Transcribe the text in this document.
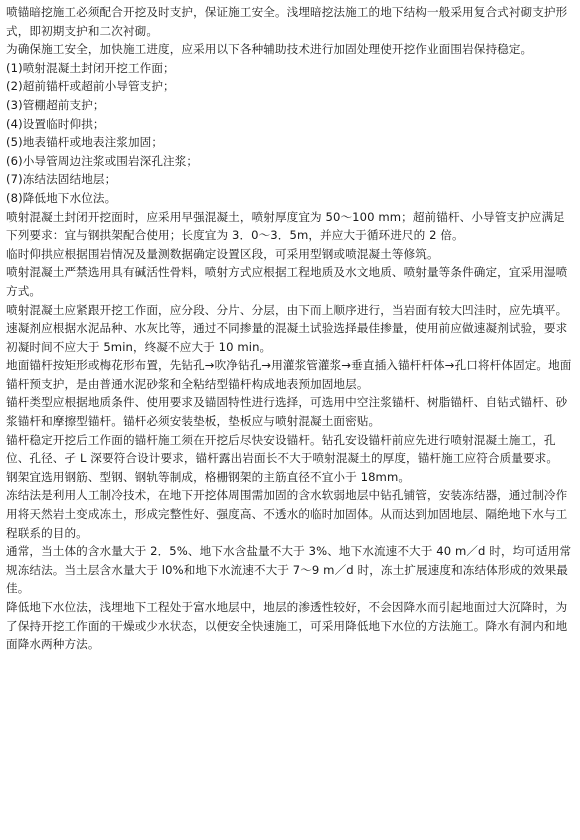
喷锚暗挖施工必须配合开挖及时支护，保证施工安全。浅埋暗挖法施工的地下结构一般采用复合式衬砌支护形式，即初期支护和二次衬砌。

为确保施工安全，加快施工进度，应采用以下各种辅助技术进行加固处理使开挖作业面围岩保持稳定。

(1)喷射混凝土封闭开挖工作面；

(2)超前锚杆或超前小导管支护；

(3)管棚超前支护；

(4)设置临时仰拱；

(5)地表锚杆或地表注浆加固；

(6)小导管周边注浆或围岩深孔注浆；

(7)冻结法固结地层；

(8)降低地下水位法。

喷射混凝土封闭开挖面时，应采用早强混凝土，喷射厚度宜为 50～100 mm；超前锚杆、小导管支护应满足下列要求：宜与钢拱架配合使用；长度宜为 3．0～3．5m，并应大于循环进尺的 2 倍。

临时仰拱应根据围岩情况及量测数据确定设置区段，可采用型钢或喷混凝土等修筑。

喷射混凝土严禁选用具有碱活性骨料，喷射方式应根据工程地质及水文地质、喷射量等条件确定，宜采用湿喷方式。

喷射混凝土应紧跟开挖工作面，应分段、分片、分层，由下而上顺序进行，当岩面有较大凹洼时，应先填平。

速凝剂应根据水泥品种、水灰比等，通过不同掺量的混凝土试验选择最佳掺量，使用前应做速凝剂试验，要求初凝时间不应大于 5min，终凝不应大于 10 min。

地面锚杆按矩形或梅花形布置，先钻孔→吹净钻孔→用灌浆管灌浆→垂直插入锚杆杆体→孔口将杆体固定。地面锚杆预支护，是由普通水泥砂浆和全粘结型锚杆构成地表预加固地层。

锚杆类型应根据地质条件、使用要求及锚固特性进行选择，可选用中空注浆锚杆、树脂锚杆、自钻式锚杆、砂浆锚杆和摩擦型锚杆。锚杆必须安装垫板，垫板应与喷射混凝土面密贴。

锚杆稳定开挖后工作面的锚杆施工须在开挖后尽快安设锚杆。钻孔安设锚杆前应先进行喷射混凝土施工，孔位、孔径、孑 L 深要符合设计要求，锚杆露出岩面长不大于喷射混凝土的厚度，锚杆施工应符合质量要求。

钢架宜选用钢筋、型钢、钢轨等制成，格栅钢架的主筋直径不宜小于 18mm。

冻结法是利用人工制冷技术，在地下开挖体周围需加固的含水软弱地层中钻孔铺管，安装冻结器，通过制冷作用将天然岩土变成冻土，形成完整性好、强度高、不透水的临时加固体。从而达到加固地层、隔绝地下水与工程联系的目的。

通常，当土体的含水量大于 2．5%、地下水含盐量不大于 3%、地下水流速不大于 40 m／d 时，均可适用常规冻结法。当土层含水量大于 l0%和地下水流速不大于 7～9 m／d 时，冻土扩展速度和冻结体形成的效果最佳。

降低地下水位法，浅埋地下工程处于富水地层中，地层的渗透性较好，不会因降水而引起地面过大沉降时，为了保持开挖工作面的干燥或少水状态，以便安全快速施工，可采用降低地下水位的方法施工。降水有洞内和地面降水两种方法。
